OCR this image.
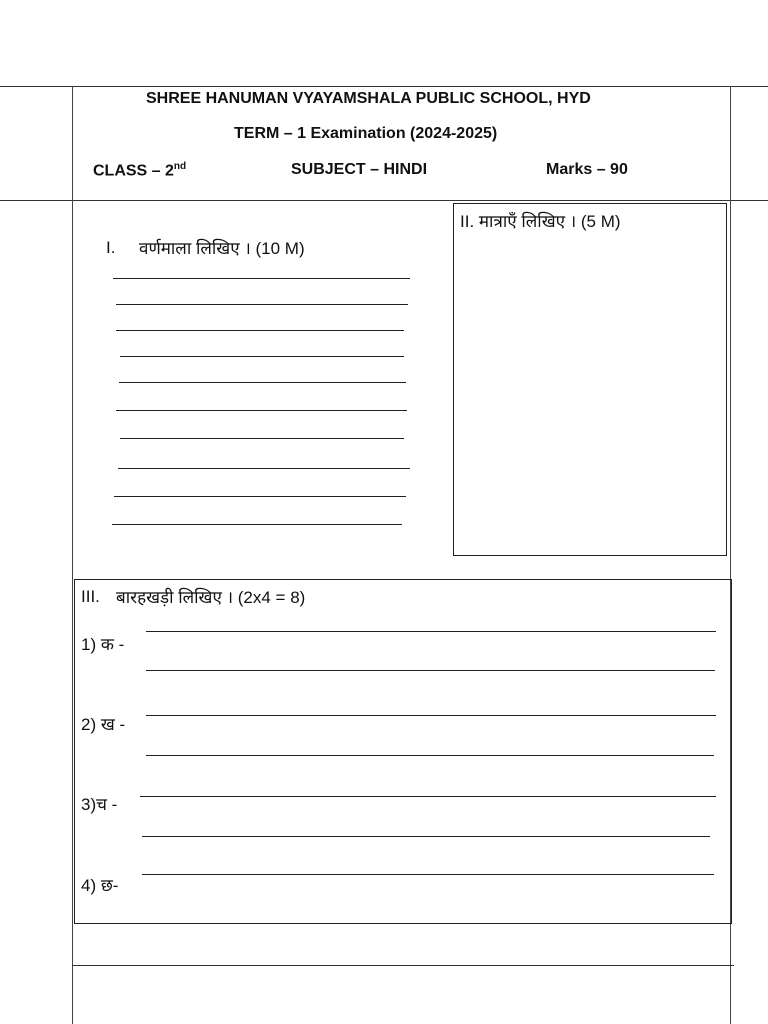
SHREE HANUMAN VYAYAMSHALA PUBLIC SCHOOL, HYD
TERM – 1 Examination (2024-2025)
CLASS – 2nd	SUBJECT – HINDI	Marks – 90
I. वर्णमाला लिखिए । (10 M)
II. मात्राएँ लिखिए । (5 M)
III. बारहखड़ी लिखिए । (2x4 = 8)
1) क -
2) ख -
3)च -
4) छ-
